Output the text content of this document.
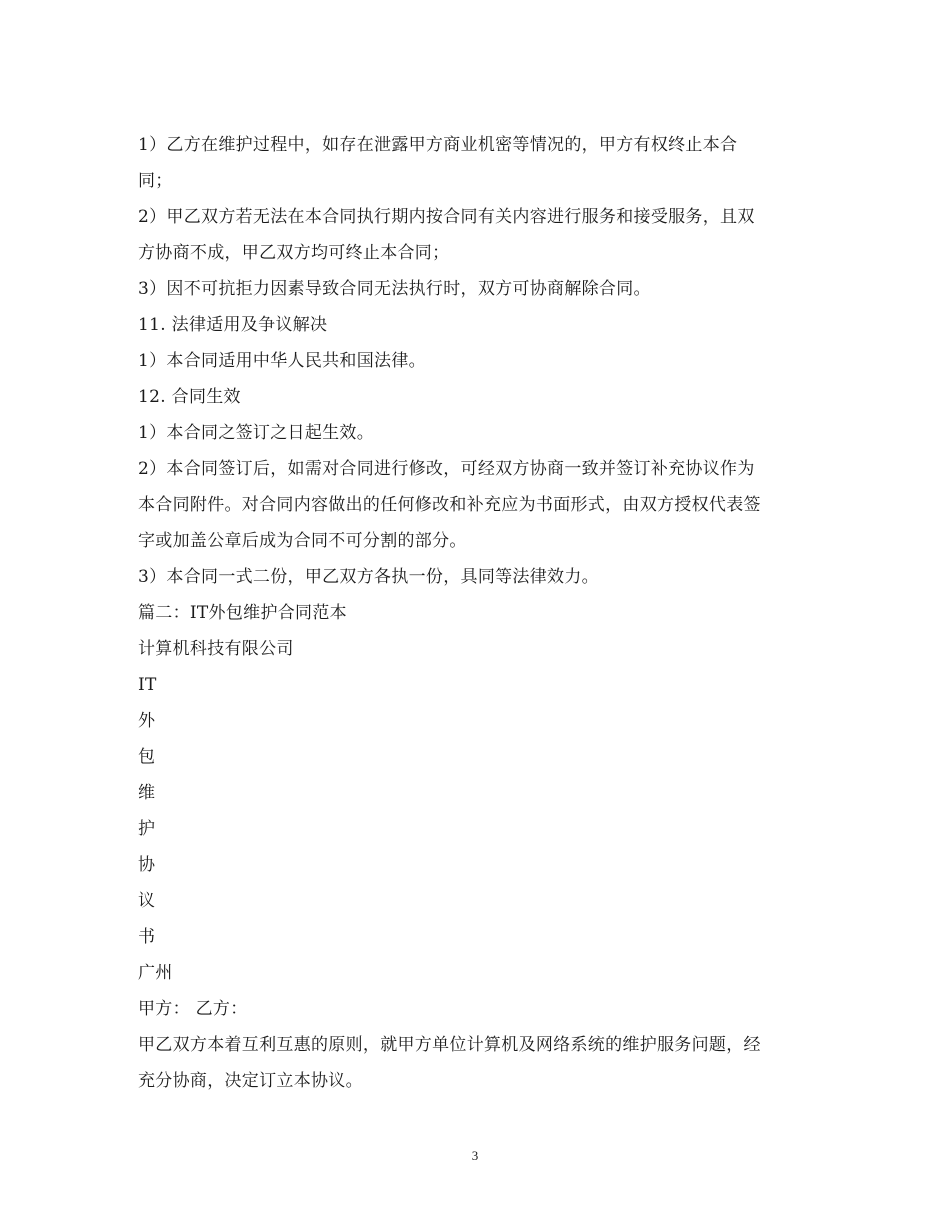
1）乙方在维护过程中，如存在泄露甲方商业机密等情况的，甲方有权终止本合
同；
2）甲乙双方若无法在本合同执行期内按合同有关内容进行服务和接受服务，且双
方协商不成，甲乙双方均可终止本合同；
3）因不可抗拒力因素导致合同无法执行时，双方可协商解除合同。
11. 法律适用及争议解决
1）本合同适用中华人民共和国法律。
12. 合同生效
1）本合同之签订之日起生效。
2）本合同签订后，如需对合同进行修改，可经双方协商一致并签订补充协议作为
本合同附件。对合同内容做出的任何修改和补充应为书面形式，由双方授权代表签
字或加盖公章后成为合同不可分割的部分。
3）本合同一式二份，甲乙双方各执一份，具同等法律效力。
篇二：IT外包维护合同范本
计算机科技有限公司
IT
外
包
维
护
协
议
书
广州
甲方： 乙方：
甲乙双方本着互利互惠的原则，就甲方单位计算机及网络系统的维护服务问题，经
充分协商，决定订立本协议。
3
